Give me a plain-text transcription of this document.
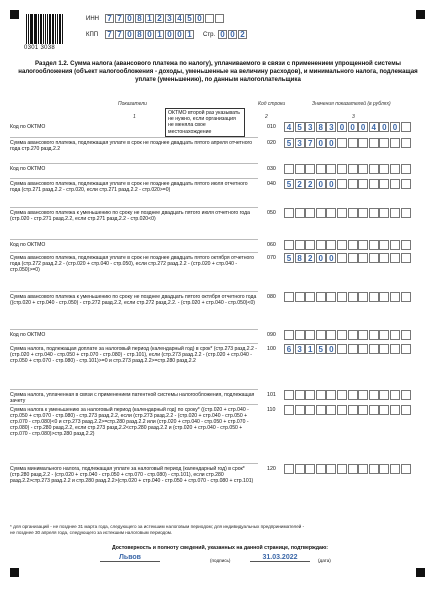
0301 3038
ИНН 7 7 0 8 1 2 3 4 5 0
КПП 7 7 0 8 0 1 0 0 1	Стр. 0 0 2
Раздел 1.2. Сумма налога (авансового платежа по налогу), уплачиваемого в связи с применением упрощенной системы налогообложения (объект налогообложения - доходы, уменьшенные на величину расходов), и минимального налога, подлежащая уплате (уменьшению), по данным налогоплательщика
Показатели	Код строки	Значения показателей (в рублях)
1	2	3
ОКТМО второй раз указывать не нужно, если организация не меняла свое местонахождение
Код по ОКТМО	010	4 5 3 8 3 0 0 0 4 0 0
Сумма авансового платежа, подлежащая уплате в срок не позднее двадцать пятого апреля отчетного года стр.270 разд.2.2
020	5 3 7 0 0
Код по ОКТМО	030
Сумма авансового платежа, подлежащая уплате в срок не позднее двадцать пятого июля отчетного года (стр.271 разд.2.2 - стр.020, если стр.271 разд.2.2 - стр.020>=0)
040	5 2 2 0 0
Сумма авансового платежа к уменьшению по сроку не позднее двадцать пятого июля отчетного года (стр.020 - стр.271 разд.2.2, если стр.271 разд.2.2 - стр.020<0)
050
Код по ОКТМО	060
Сумма авансового платежа, подлежащая уплате в срок не позднее двадцать пятого октября отчетного года (стр.272 разд.2.2 - (стр.020 + стр.040 - стр.050), если стр.272 разд.2.2 - (стр.020 + стр.040 - стр.050)>=0)
070	5 8 2 0 0
Сумма авансового платежа к уменьшению по сроку не позднее двадцать пятого октября отчетного года ((стр.020 + стр.040 - стр.050) - стр.272 разд.2.2, если стр.272 разд.2.2. - (стр.020 + стр.040 - стр.050)<0)
080
Код по ОКТМО	090
Сумма налога, подлежащая доплате за налоговый период (календарный год) в срок* (стр.273 разд.2.2 - (стр.020 + стр.040 - стр.050 + стр.070 - стр.080) - стр.101), если (стр.273 разд.2.2 - (стр.020 + стр.040 - стр.050 + стр.070 - стр.080) - стр.101)>=0 и стр.273 разд.2.2>=стр.280 разд.2.2
100	6 3 1 5 0
Сумма налога, уплаченная в связи с применением патентной системы налогообложения, подлежащая зачету
101
Сумма налога к уменьшению за налоговый период (календарный год) по сроку* ((стр.020 + стр.040 - стр.050 + стр.070 - стр.080) - стр.273 разд.2.2, если (стр.273 разд.2.2 - (стр.020 + стр.040 - стр.050 + стр.070 - стр.080)<0 и стр.273 разд.2.2>=стр.280 разд.2.2 или (стр.020 + стр.040 - стр.050 + стр.070 - стр.080) - стр.280 разд.2.2, если стр.273 разд.2.2<стр.280 разд.2.2 и (стр.020 + стр.040 - стр.050 + стр.070 - стр.080)>стр.280 разд.2.2)
110
Сумма минимального налога, подлежащая уплате за налоговый период (календарный год) в срок* (стр.280 разд.2.2 - (стр.020 + стр.040 - стр.050 + стр.070 - стр.080) - стр.101), если стр.280 разд.2.2>стр.273 разд.2.2 и стр.280 разд.2.2>(стр.020 + стр.040 - стр.050 + стр.070 - стр.080 + стр.101)
120
* для организаций - не позднее 31 марта года, следующего за истекшим налоговым периодом; для индивидуальных предпринимателей - не позднее 30 апреля года, следующего за истекшим налоговым периодом.
Достоверность и полноту сведений, указанных на данной странице, подтверждаю:
Львов	(подпись)	31.03.2022	(дата)
